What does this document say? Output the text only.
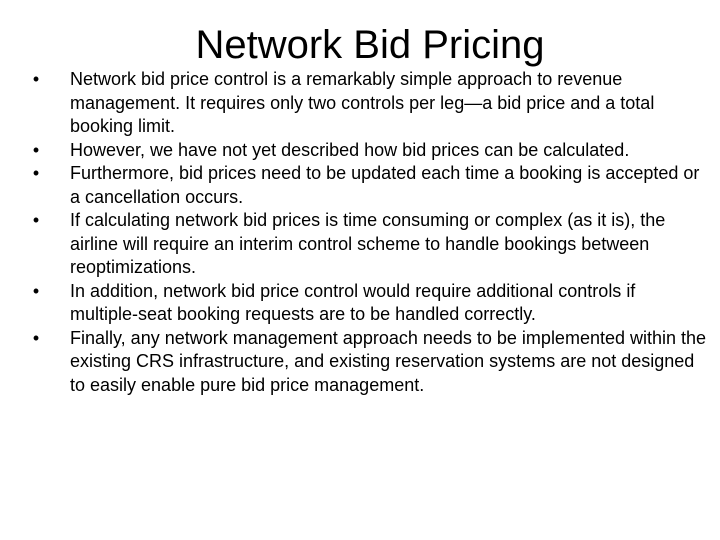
Network Bid Pricing
• Network bid price control is a remarkably simple approach to revenue management. It requires only two controls per leg—a bid price and a total booking limit.
• However, we have not yet described how bid prices can be calculated.
• Furthermore, bid prices need to be updated each time a booking is accepted or a cancellation occurs.
• If calculating network bid prices is time consuming or complex (as it is), the airline will require an interim control scheme to handle bookings between reoptimizations.
• In addition, network bid price control would require additional controls if multiple-seat booking requests are to be handled correctly.
• Finally, any network management approach needs to be implemented within the existing CRS infrastructure, and existing reservation systems are not designed to easily enable pure bid price management.
